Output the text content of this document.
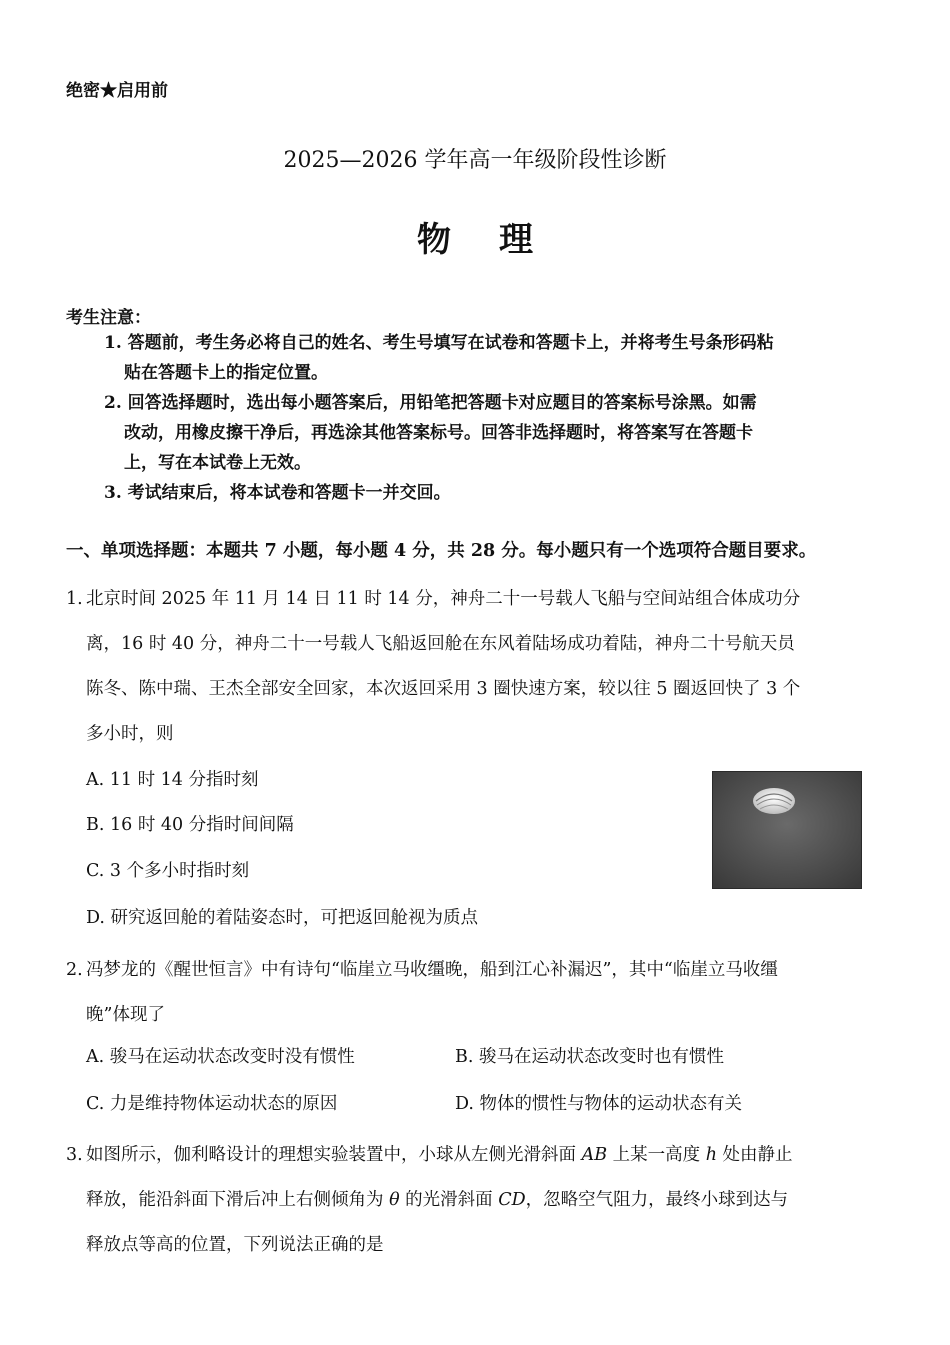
绝密★启用前
2025—2026 学年高一年级阶段性诊断
物理
考生注意：
1. 答题前，考生务必将自己的姓名、考生号填写在试卷和答题卡上，并将考生号条形码粘
贴在答题卡上的指定位置。
2. 回答选择题时，选出每小题答案后，用铅笔把答题卡对应题目的答案标号涂黑。如需
改动，用橡皮擦干净后，再选涂其他答案标号。回答非选择题时，将答案写在答题卡
上，写在本试卷上无效。
3. 考试结束后，将本试卷和答题卡一并交回。
一、单项选择题：本题共 7 小题，每小题 4 分，共 28 分。每小题只有一个选项符合题目要求。
1. 北京时间 2025 年 11 月 14 日 11 时 14 分，神舟二十一号载人飞船与空间站组合体成功分
离，16 时 40 分，神舟二十一号载人飞船返回舱在东风着陆场成功着陆，神舟二十号航天员
陈冬、陈中瑞、王杰全部安全回家，本次返回采用 3 圈快速方案，较以往 5 圈返回快了 3 个
多小时，则
A. 11 时 14 分指时刻
B. 16 时 40 分指时间间隔
C. 3 个多小时指时刻
D. 研究返回舱的着陆姿态时，可把返回舱视为质点
2. 冯梦龙的《醒世恒言》中有诗句“临崖立马收缰晚，船到江心补漏迟”，其中“临崖立马收缰
晚”体现了
A. 骏马在运动状态改变时没有惯性	B. 骏马在运动状态改变时也有惯性
C. 力是维持物体运动状态的原因	D. 物体的惯性与物体的运动状态有关
3. 如图所示，伽利略设计的理想实验装置中，小球从左侧光滑斜面 AB 上某一高度 h 处由静止
释放，能沿斜面下滑后冲上右侧倾角为 θ 的光滑斜面 CD，忽略空气阻力，最终小球到达与
释放点等高的位置，下列说法正确的是
